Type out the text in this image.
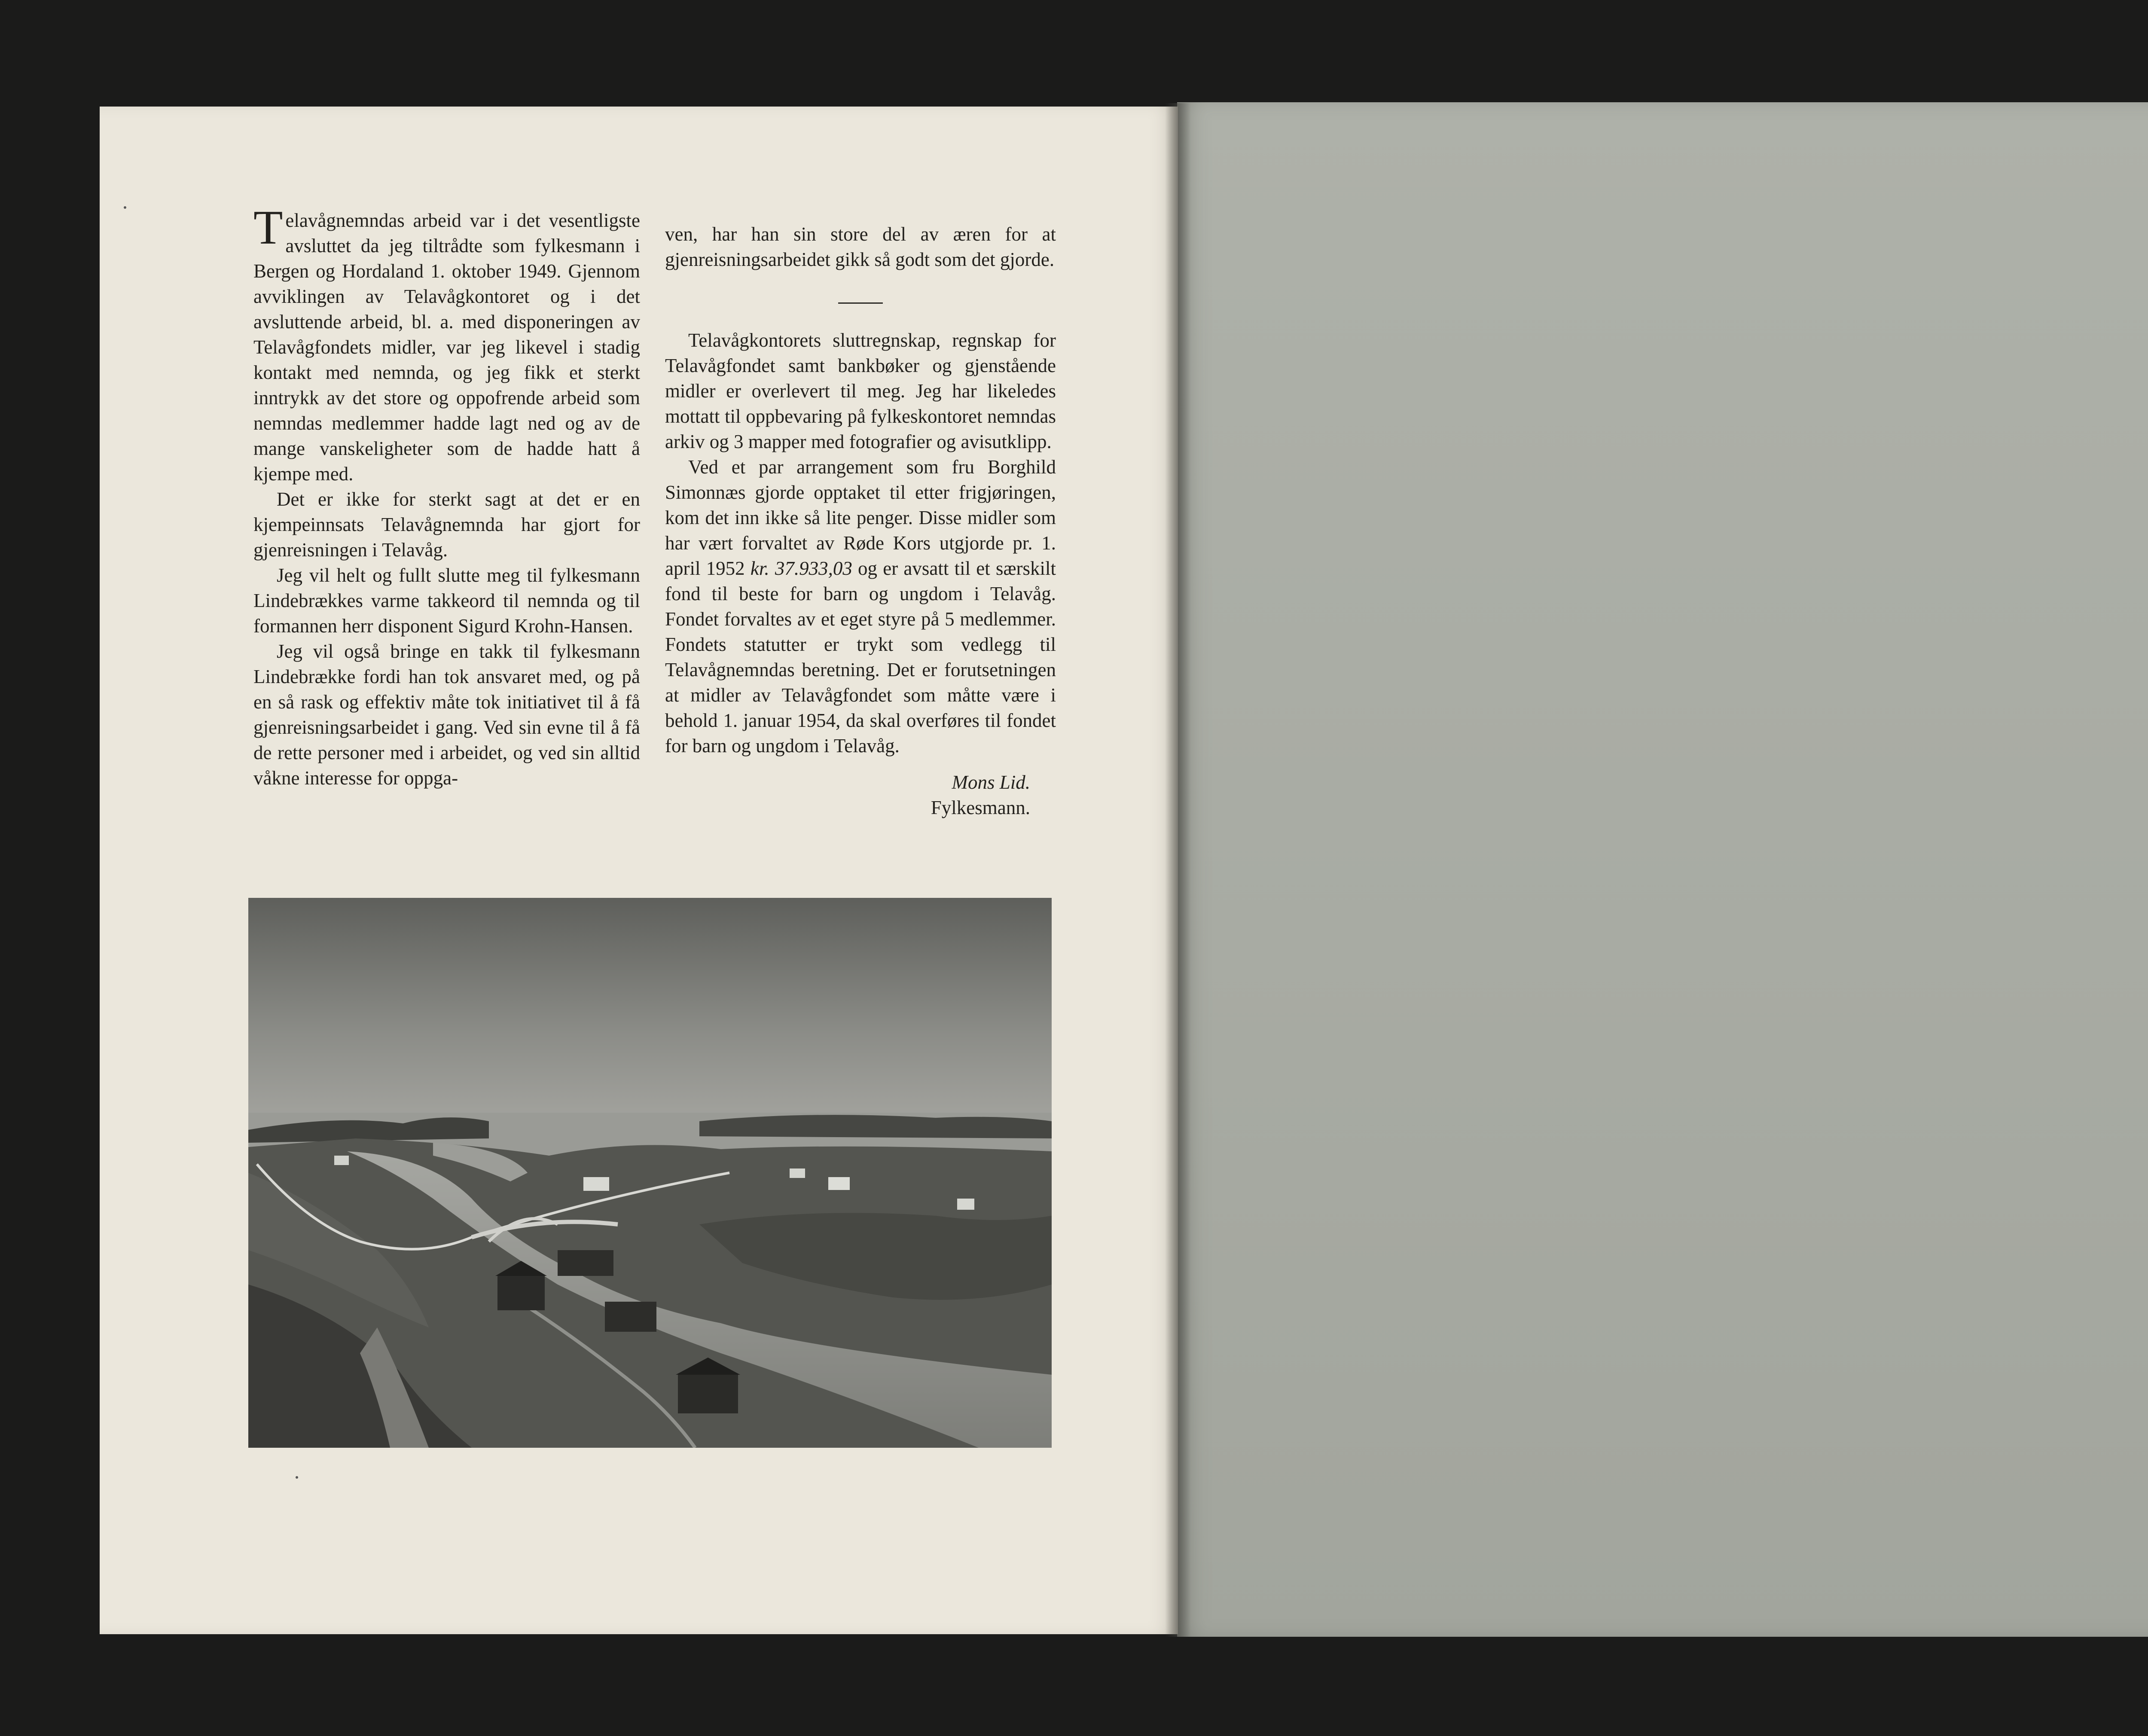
Telavågnemndas arbeid var i det vesentligste avsluttet da jeg tiltrådte som fylkesmann i Bergen og Hordaland 1. oktober 1949. Gjennom avviklingen av Telavågkontoret og i det avsluttende arbeid, bl. a. med disponeringen av Telavågfondets midler, var jeg likevel i stadig kontakt med nemnda, og jeg fikk et sterkt inntrykk av det store og oppofrende arbeid som nemndas medlemmer hadde lagt ned og av de mange vanskeligheter som de hadde hatt å kjempe med.

Det er ikke for sterkt sagt at det er en kjempeinnsats Telavågnemnda har gjort for gjenreisningen i Telavåg.

Jeg vil helt og fullt slutte meg til fylkesmann Lindebrækkes varme takkeord til nemnda og til formannen herr disponent Sigurd Krohn-Hansen.

Jeg vil også bringe en takk til fylkesmann Lindebrække fordi han tok ansvaret med, og på en så rask og effektiv måte tok initiativet til å få gjenreisningsarbeidet i gang. Ved sin evne til å få de rette personer med i arbeidet, og ved sin alltid våkne interesse for oppga-

ven, har han sin store del av æren for at gjenreisningsarbeidet gikk så godt som det gjorde.

Telavågkontorets sluttregnskap, regnskap for Telavågfondet samt bankbøker og gjenstående midler er overlevert til meg. Jeg har likeledes mottatt til oppbevaring på fylkeskontoret nemndas arkiv og 3 mapper med fotografier og avisutklipp.

Ved et par arrangement som fru Borghild Simonnæs gjorde opptaket til etter frigjøringen, kom det inn ikke så lite penger. Disse midler som har vært forvaltet av Røde Kors utgjorde pr. 1. april 1952 kr. 37.933,03 og er avsatt til et særskilt fond til beste for barn og ungdom i Telavåg. Fondet forvaltes av et eget styre på 5 medlemmer. Fondets statutter er trykt som vedlegg til Telavågnemndas beretning. Det er forutsetningen at midler av Telavågfondet som måtte være i behold 1. januar 1954, da skal overføres til fondet for barn og ungdom i Telavåg.

Mons Lid.
Fylkesmann.
